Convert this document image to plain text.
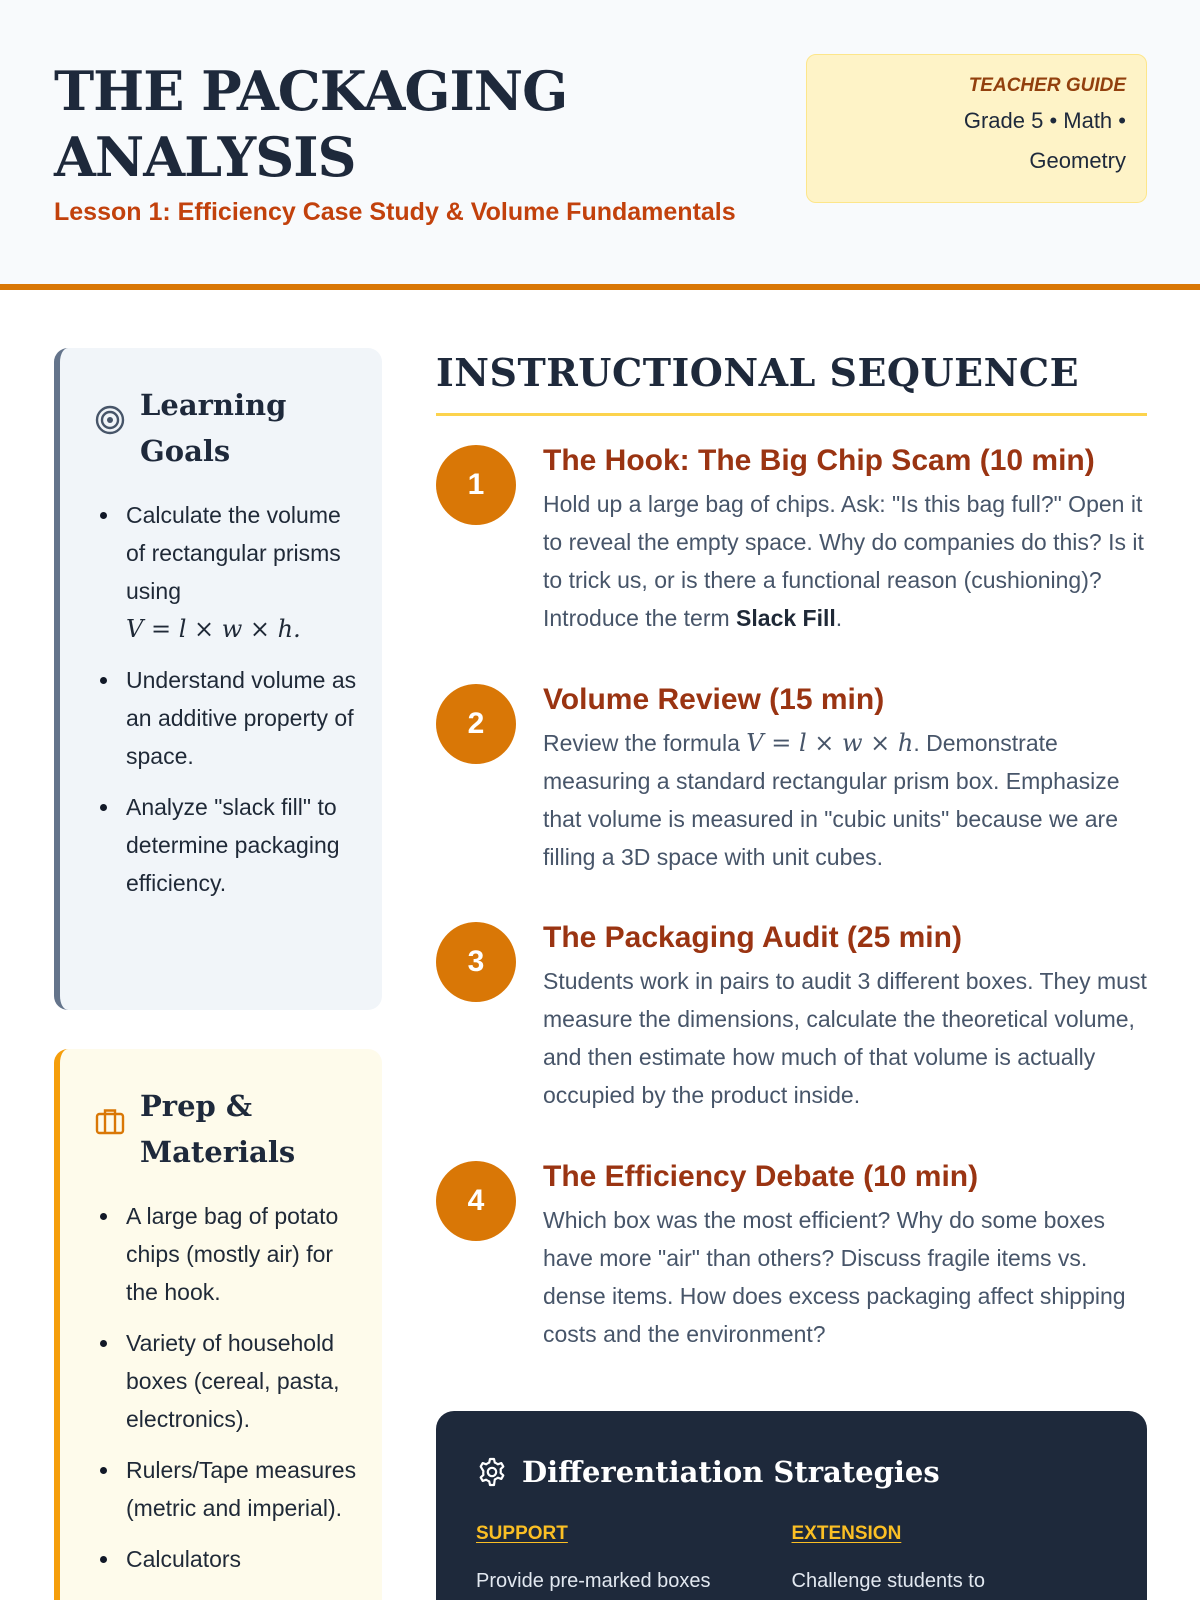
THE PACKAGING ANALYSIS
Lesson 1: Efficiency Case Study & Volume Fundamentals
TEACHER GUIDE
Grade 5 • Math • Geometry
Learning Goals
Calculate the volume of rectangular prisms using
V = l × w × h.
Understand volume as an additive property of space.
Analyze "slack fill" to determine packaging efficiency.
Prep & Materials
A large bag of potato chips (mostly air) for the hook.
Variety of household boxes (cereal, pasta, electronics).
Rulers/Tape measures (metric and imperial).
Calculators
INSTRUCTIONAL SEQUENCE
1
The Hook: The Big Chip Scam (10 min)

Hold up a large bag of chips. Ask: "Is this bag full?" Open it to reveal the empty space. Why do companies do this? Is it to trick us, or is there a functional reason (cushioning)? Introduce the term Slack Fill.

2
Volume Review (15 min)

Review the formula V = l × w × h. Demonstrate measuring a standard rectangular prism box. Emphasize that volume is measured in "cubic units" because we are filling a 3D space with unit cubes.

3
The Packaging Audit (25 min)

Students work in pairs to audit 3 different boxes. They must measure the dimensions, calculate the theoretical volume, and then estimate how much of that volume is actually occupied by the product inside.

4
The Efficiency Debate (10 min)

Which box was the most efficient? Why do some boxes have more "air" than others? Discuss fragile items vs. dense items. How does excess packaging affect shipping costs and the environment?

Differentiation Strategies
SUPPORT
Provide pre-marked boxes
EXTENSION
Challenge students to
